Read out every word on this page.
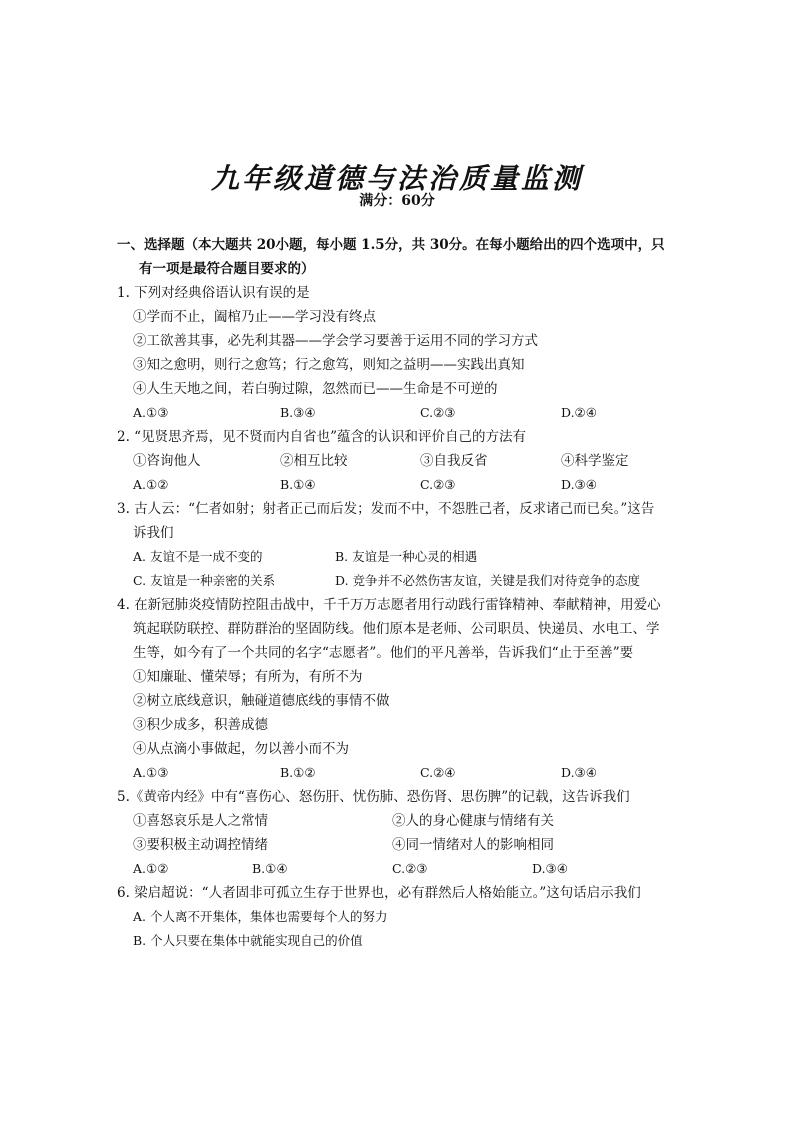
九年级道德与法治质量监测
满分：60分
一、选择题（本大题共 20小题，每小题 1.5分，共 30分。在每小题给出的四个选项中，只
有一项是最符合题目要求的）
1. 下列对经典俗语认识有误的是
①学而不止，阖棺乃止——学习没有终点
②工欲善其事，必先利其器——学会学习要善于运用不同的学习方式
③知之愈明，则行之愈笃；行之愈笃，则知之益明——实践出真知
④人生天地之间，若白驹过隙，忽然而已——生命是不可逆的
A.①③	B.③④	C.②③	D.②④
2. “见贤思齐焉，见不贤而内自省也”蕴含的认识和评价自己的方法有
①咨询他人	②相互比较	③自我反省	④科学鉴定
A.①②	B.①④	C.②③	D.③④
3. 古人云：“仁者如射；射者正己而后发；发而不中，不怨胜己者，反求诸己而已矣。”这告
诉我们
A. 友谊不是一成不变的	B. 友谊是一种心灵的相遇
C. 友谊是一种亲密的关系	D. 竞争并不必然伤害友谊，关键是我们对待竞争的态度
4. 在新冠肺炎疫情防控阻击战中，千千万万志愿者用行动践行雷锋精神、奉献精神，用爱心
筑起联防联控、群防群治的坚固防线。他们原本是老师、公司职员、快递员、水电工、学
生等，如今有了一个共同的名字“志愿者”。他们的平凡善举，告诉我们“止于至善”要
①知廉耻、懂荣辱；有所为，有所不为
②树立底线意识，触碰道德底线的事情不做
③积少成多，积善成德
④从点滴小事做起，勿以善小而不为
A.①③	B.①②	C.②④	D.③④
5.《黄帝内经》中有“喜伤心、怒伤肝、忧伤肺、恐伤肾、思伤脾”的记载，这告诉我们
①喜怒哀乐是人之常情	②人的身心健康与情绪有关
③要积极主动调控情绪	④同一情绪对人的影响相同
A.①②	B.①④	C.②③	D.③④
6. 梁启超说：“人者固非可孤立生存于世界也，必有群然后人格始能立。”这句话启示我们
A. 个人离不开集体，集体也需要每个人的努力
B. 个人只要在集体中就能实现自己的价值
